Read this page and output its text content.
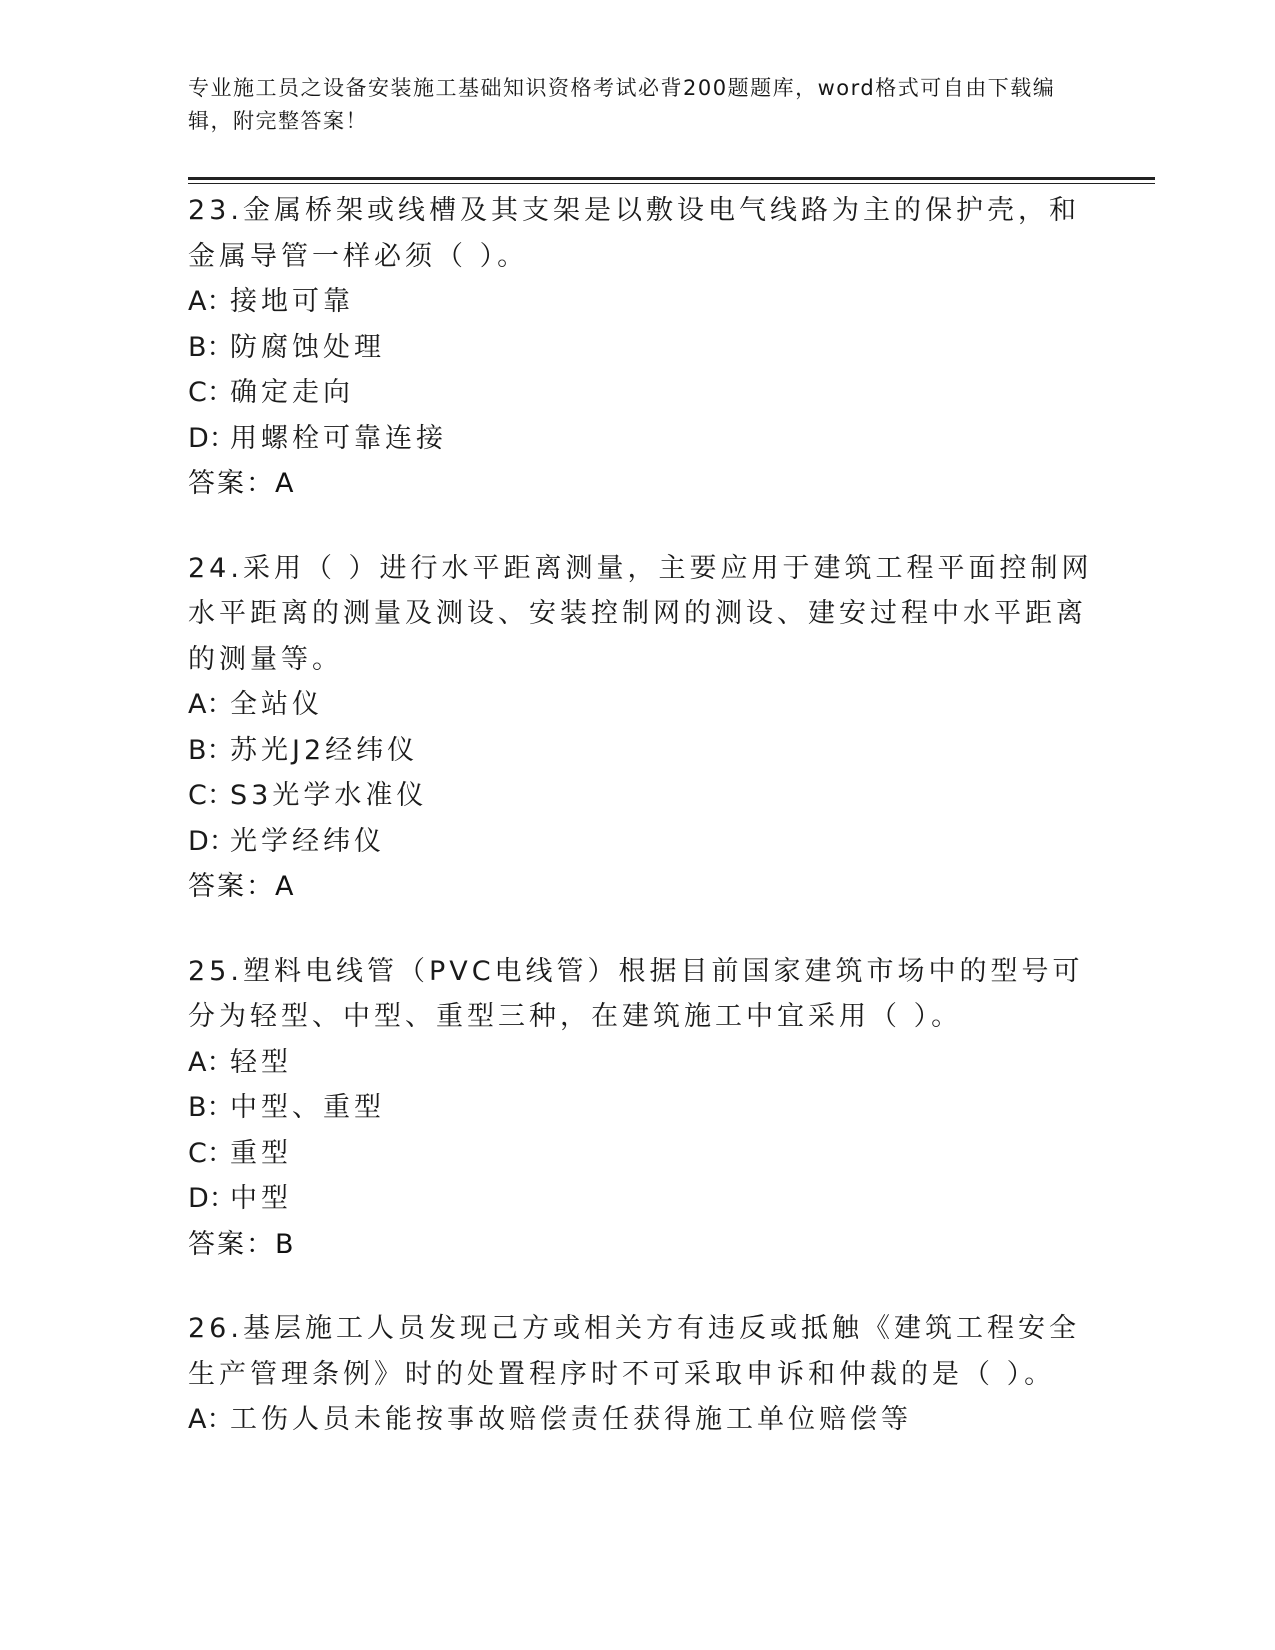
专业施工员之设备安装施工基础知识资格考试必背200题题库，word格式可自由下载编辑，附完整答案！
23.金属桥架或线槽及其支架是以敷设电气线路为主的保护壳，和金属导管一样必须（ ）。
A：接地可靠
B：防腐蚀处理
C：确定走向
D：用螺栓可靠连接
答案：A
24.采用（ ）进行水平距离测量，主要应用于建筑工程平面控制网水平距离的测量及测设、安装控制网的测设、建安过程中水平距离的测量等。
A：全站仪
B：苏光J2经纬仪
C：S3光学水准仪
D：光学经纬仪
答案：A
25.塑料电线管（PVC电线管）根据目前国家建筑市场中的型号可分为轻型、中型、重型三种，在建筑施工中宜采用（ ）。
A：轻型
B：中型、重型
C：重型
D：中型
答案：B
26.基层施工人员发现己方或相关方有违反或抵触《建筑工程安全生产管理条例》时的处置程序时不可采取申诉和仲裁的是（ ）。
A：工伤人员未能按事故赔偿责任获得施工单位赔偿等
